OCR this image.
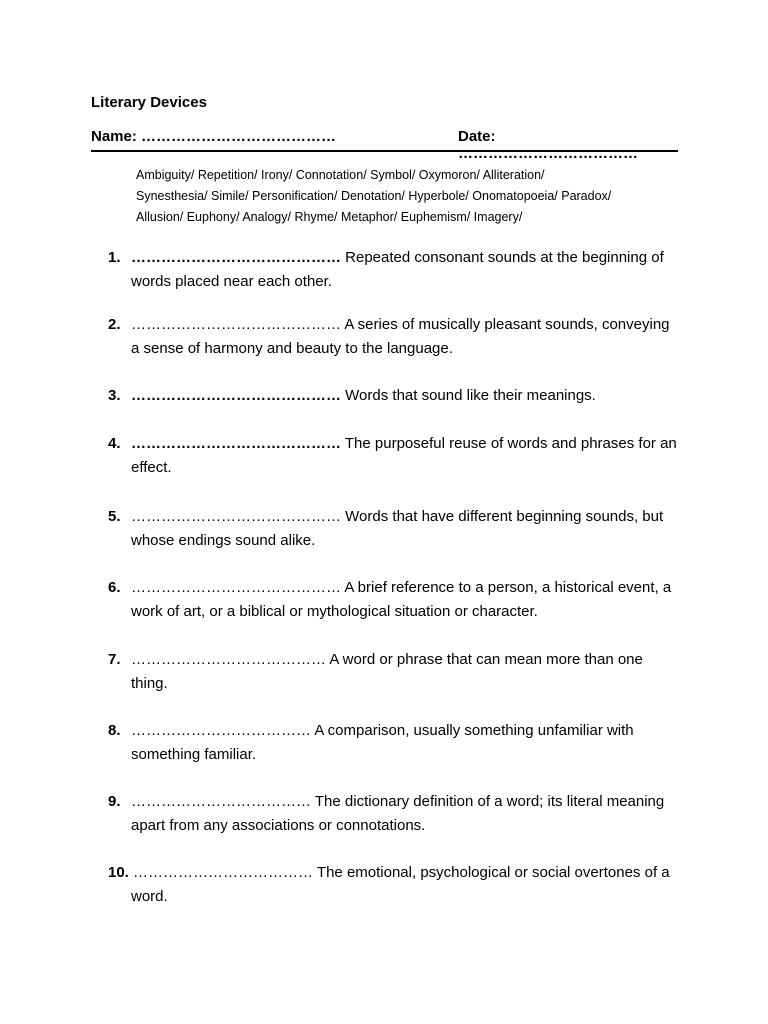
Literary Devices
Name: …………………………………	Date: ………………………………
Ambiguity/ Repetition/ Irony/ Connotation/ Symbol/ Oxymoron/ Alliteration/
Synesthesia/ Simile/ Personification/ Denotation/ Hyperbole/ Onomatopoeia/ Paradox/
Allusion/ Euphony/ Analogy/ Rhyme/ Metaphor/ Euphemism/ Imagery/
1. …………………………………… Repeated consonant sounds at the beginning of words placed near each other.
2. …………………………………… A series of musically pleasant sounds, conveying a sense of harmony and beauty to the language.
3. …………………………………… Words that sound like their meanings.
4. …………………………………… The purposeful reuse of words and phrases for an effect.
5. …………………………………… Words that have different beginning sounds, but whose endings sound alike.
6. …………………………………… A brief reference to a person, a historical event, a work of art, or a biblical or mythological situation or character.
7. ………………………………… A word or phrase that can mean more than one thing.
8. ……………………………… A comparison, usually something unfamiliar with something familiar.
9. ……………………………… The dictionary definition of a word; its literal meaning apart from any associations or connotations.
10. ……………………………… The emotional, psychological or social overtones of a word.
